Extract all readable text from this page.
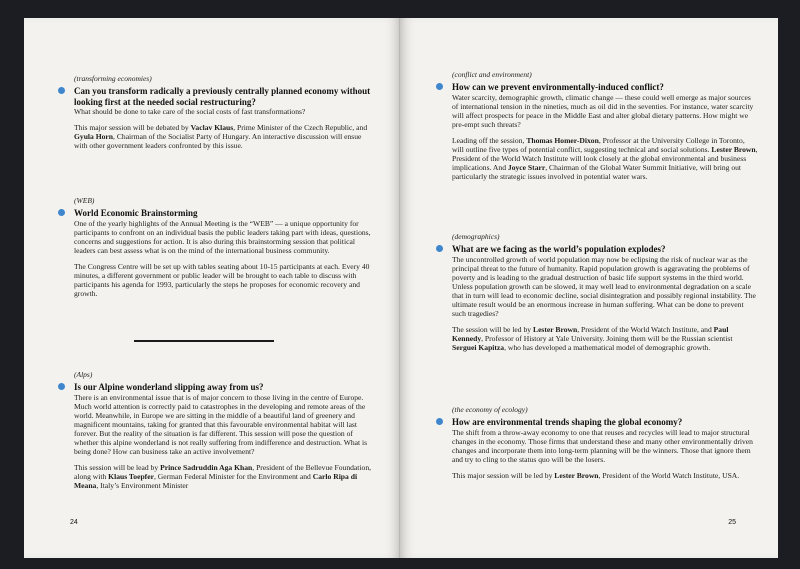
(transforming economies)
Can you transform radically a previously centrally planned economy without looking first at the needed social restructuring?
What should be done to take care of the social costs of fast transformations?
This major session will be debated by Vaclav Klaus, Prime Minister of the Czech Republic, and Gyula Horn, Chairman of the Socialist Party of Hungary. An interactive discussion will ensue with other government leaders confronted by this issue.
(WEB)
World Economic Brainstorming
One of the yearly highlights of the Annual Meeting is the “WEB” — a unique opportunity for participants to confront on an individual basis the public leaders taking part with ideas, questions, concerns and suggestions for action. It is also during this brainstorming session that political leaders can best assess what is on the mind of the international business community.
The Congress Centre will be set up with tables seating about 10-15 participants at each. Every 40 minutes, a different government or public leader will be brought to each table to discuss with participants his agenda for 1993, particularly the steps he proposes for economic recovery and growth.
(Alps)
Is our Alpine wonderland slipping away from us?
There is an environmental issue that is of major concern to those living in the centre of Europe. Much world attention is correctly paid to catastrophes in the developing and remote areas of the world. Meanwhile, in Europe we are sitting in the middle of a beautiful land of greenery and magnificent mountains, taking for granted that this favourable environmental habitat will last forever. But the reality of the situation is far different. This session will pose the question of whether this alpine wonderland is not really suffering from indifference and destruction. What is being done? How can business take an active involvement?
This session will be lead by Prince Sadruddin Aga Khan, President of the Bellevue Foundation, along with Klaus Toepfer, German Federal Minister for the Environment and Carlo Ripa di Meana, Italy’s Environment Minister
24
(conflict and environment)
How can we prevent environmentally-induced conflict?
Water scarcity, demographic growth, climatic change — these could well emerge as major sources of international tension in the nineties, much as oil did in the seventies. For instance, water scarcity will affect prospects for peace in the Middle East and alter global dietary patterns. How might we pre-empt such threats?
Leading off the session, Thomas Homer-Dixon, Professor at the University College in Toronto, will outline five types of potential conflict, suggesting technical and social solutions. Lester Brown, President of the World Watch Institute will look closely at the global environmental and business implications. And Joyce Starr, Chairman of the Global Water Summit Initiative, will bring out particularly the strategic issues involved in potential water wars.
(demographics)
What are we facing as the world’s population explodes?
The uncontrolled growth of world population may now be eclipsing the risk of nuclear war as the principal threat to the future of humanity. Rapid population growth is aggravating the problems of poverty and is leading to the gradual destruction of basic life support systems in the third world. Unless population growth can be slowed, it may well lead to environmental degradation on a scale that in turn will lead to economic decline, social disintegration and possibly regional instability. The ultimate result would be an enormous increase in human suffering. What can be done to prevent such tragedies?
The session will be led by Lester Brown, President of the World Watch Institute, and Paul Kennedy, Professor of History at Yale University. Joining them will be the Russian scientist Serguei Kapitza, who has developed a mathematical model of demographic growth.
(the economy of ecology)
How are environmental trends shaping the global economy?
The shift from a throw-away economy to one that reuses and recycles will lead to major structural changes in the economy. Those firms that understand these and many other environmentally driven changes and incorporate them into long-term planning will be the winners. Those that ignore them and try to cling to the status quo will be the losers.
This major session will be led by Lester Brown, President of the World Watch Institute, USA.
25
